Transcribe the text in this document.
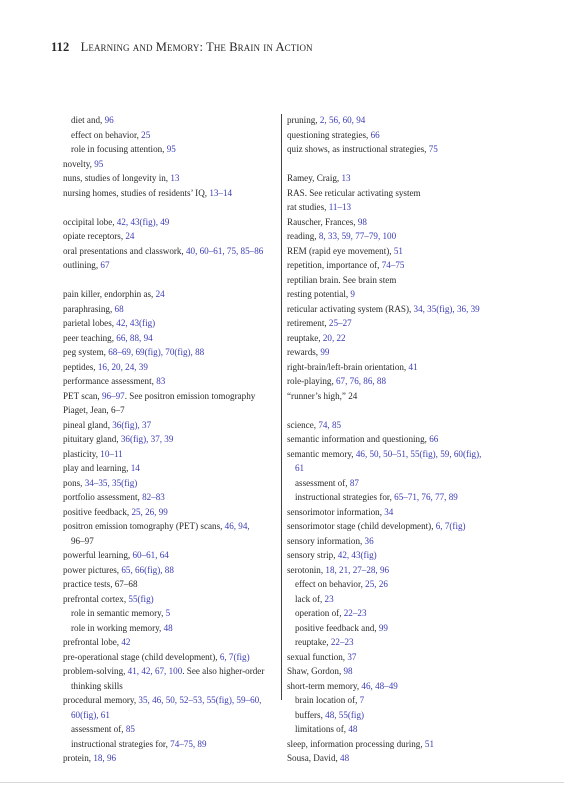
112 Learning and Memory: The Brain in Action
diet and, 96
effect on behavior, 25
role in focusing attention, 95
novelty, 95
nuns, studies of longevity in, 13
nursing homes, studies of residents’ IQ, 13–14
occipital lobe, 42, 43(fig), 49
opiate receptors, 24
oral presentations and classwork, 40, 60–61, 75, 85–86
outlining, 67
pain killer, endorphin as, 24
paraphrasing, 68
parietal lobes, 42, 43(fig)
peer teaching, 66, 88, 94
peg system, 68–69, 69(fig), 70(fig), 88
peptides, 16, 20, 24, 39
performance assessment, 83
PET scan, 96–97. See positron emission tomography
Piaget, Jean, 6–7
pineal gland, 36(fig), 37
pituitary gland, 36(fig), 37, 39
plasticity, 10–11
play and learning, 14
pons, 34–35, 35(fig)
portfolio assessment, 82–83
positive feedback, 25, 26, 99
positron emission tomography (PET) scans, 46, 94,
96–97
powerful learning, 60–61, 64
power pictures, 65, 66(fig), 88
practice tests, 67–68
prefrontal cortex, 55(fig)
role in semantic memory, 5
role in working memory, 48
prefrontal lobe, 42
pre-operational stage (child development), 6, 7(fig)
problem-solving, 41, 42, 67, 100. See also higher-order
thinking skills
procedural memory, 35, 46, 50, 52–53, 55(fig), 59–60,
60(fig), 61
assessment of, 85
instructional strategies for, 74–75, 89
protein, 18, 96
pruning, 2, 56, 60, 94
questioning strategies, 66
quiz shows, as instructional strategies, 75
Ramey, Craig, 13
RAS. See reticular activating system
rat studies, 11–13
Rauscher, Frances, 98
reading, 8, 33, 59, 77–79, 100
REM (rapid eye movement), 51
repetition, importance of, 74–75
reptilian brain. See brain stem
resting potential, 9
reticular activating system (RAS), 34, 35(fig), 36, 39
retirement, 25–27
reuptake, 20, 22
rewards, 99
right-brain/left-brain orientation, 41
role-playing, 67, 76, 86, 88
“runner’s high,” 24
science, 74, 85
semantic information and questioning, 66
semantic memory, 46, 50, 50–51, 55(fig), 59, 60(fig),
61
assessment of, 87
instructional strategies for, 65–71, 76, 77, 89
sensorimotor information, 34
sensorimotor stage (child development), 6, 7(fig)
sensory information, 36
sensory strip, 42, 43(fig)
serotonin, 18, 21, 27–28, 96
effect on behavior, 25, 26
lack of, 23
operation of, 22–23
positive feedback and, 99
reuptake, 22–23
sexual function, 37
Shaw, Gordon, 98
short-term memory, 46, 48–49
brain location of, 7
buffers, 48, 55(fig)
limitations of, 48
sleep, information processing during, 51
Sousa, David, 48
